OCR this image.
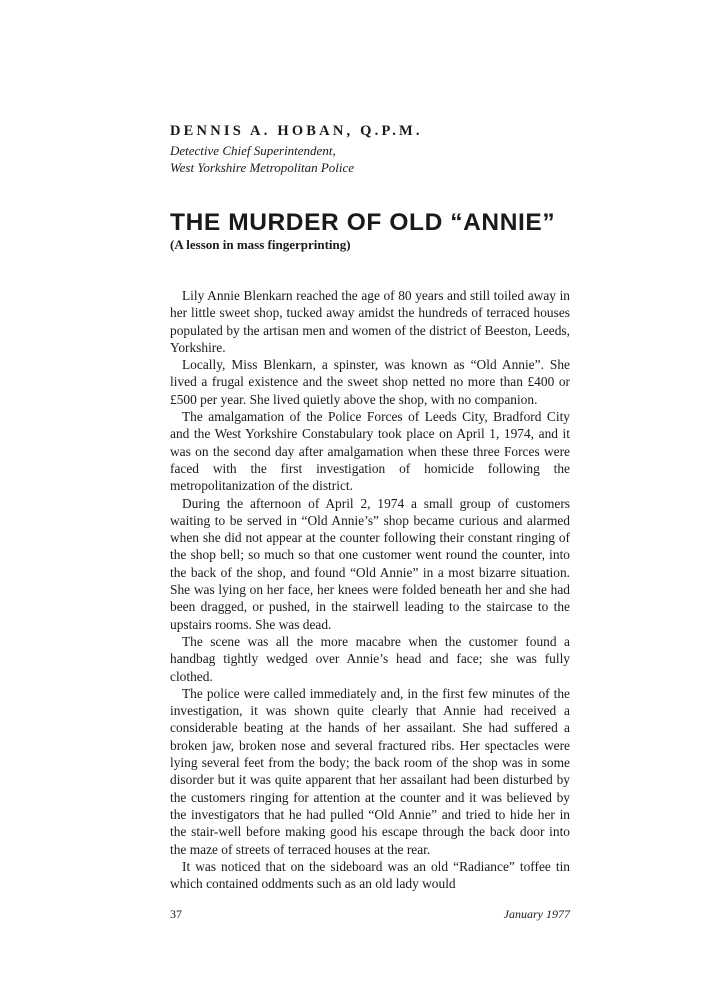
DENNIS A. HOBAN, Q.P.M.

Detective Chief Superintendent,
West Yorkshire Metropolitan Police

THE MURDER OF OLD “ANNIE”

(A lesson in mass fingerprinting)

Lily Annie Blenkarn reached the age of 80 years and still toiled away in her little sweet shop, tucked away amidst the hundreds of terraced houses populated by the artisan men and women of the district of Beeston, Leeds, Yorkshire.

Locally, Miss Blenkarn, a spinster, was known as “Old Annie”. She lived a frugal existence and the sweet shop netted no more than £400 or £500 per year. She lived quietly above the shop, with no companion.

The amalgamation of the Police Forces of Leeds City, Bradford City and the West Yorkshire Constabulary took place on April 1, 1974, and it was on the second day after amalgamation when these three Forces were faced with the first investigation of homicide following the metropolitanization of the district.

During the afternoon of April 2, 1974 a small group of customers waiting to be served in “Old Annie’s” shop became curious and alarmed when she did not appear at the counter following their constant ringing of the shop bell; so much so that one customer went round the counter, into the back of the shop, and found “Old Annie” in a most bizarre situation. She was lying on her face, her knees were folded beneath her and she had been dragged, or pushed, in the stairwell leading to the staircase to the upstairs rooms. She was dead.

The scene was all the more macabre when the customer found a handbag tightly wedged over Annie’s head and face; she was fully clothed.

The police were called immediately and, in the first few minutes of the investigation, it was shown quite clearly that Annie had received a considerable beating at the hands of her assailant. She had suffered a broken jaw, broken nose and several fractured ribs. Her spectacles were lying several feet from the body; the back room of the shop was in some disorder but it was quite apparent that her assailant had been disturbed by the customers ringing for attention at the counter and it was believed by the investigators that he had pulled “Old Annie” and tried to hide her in the stair-well before making good his escape through the back door into the maze of streets of terraced houses at the rear.

It was noticed that on the sideboard was an old “Radiance” toffee tin which contained oddments such as an old lady would

37	January 1977
